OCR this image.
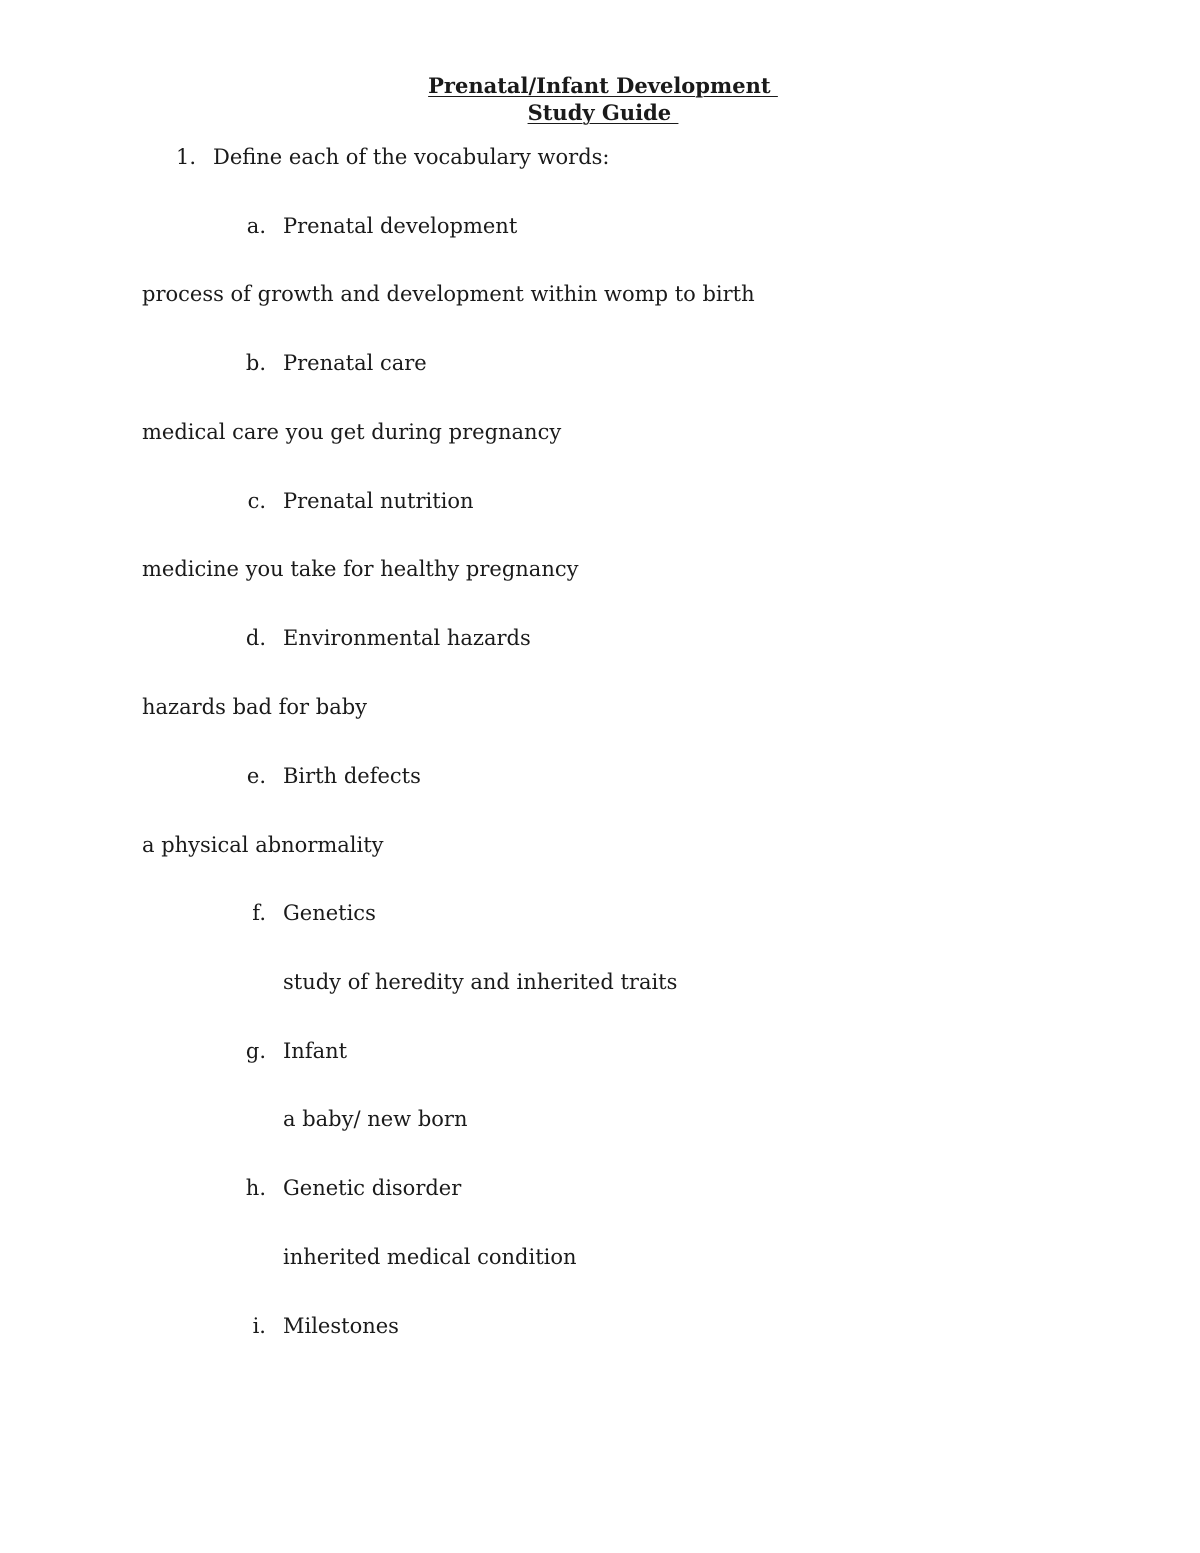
Prenatal/Infant Development
Study Guide
1. Define each of the vocabulary words:
a. Prenatal development
process of growth and development within womp to birth
b. Prenatal care
medical care you get during pregnancy
c. Prenatal nutrition
medicine you take for healthy pregnancy
d. Environmental hazards
hazards bad for baby
e. Birth defects
a physical abnormality
f. Genetics
study of heredity and inherited traits
g. Infant
a baby/ new born
h. Genetic disorder
inherited medical condition
i. Milestones
